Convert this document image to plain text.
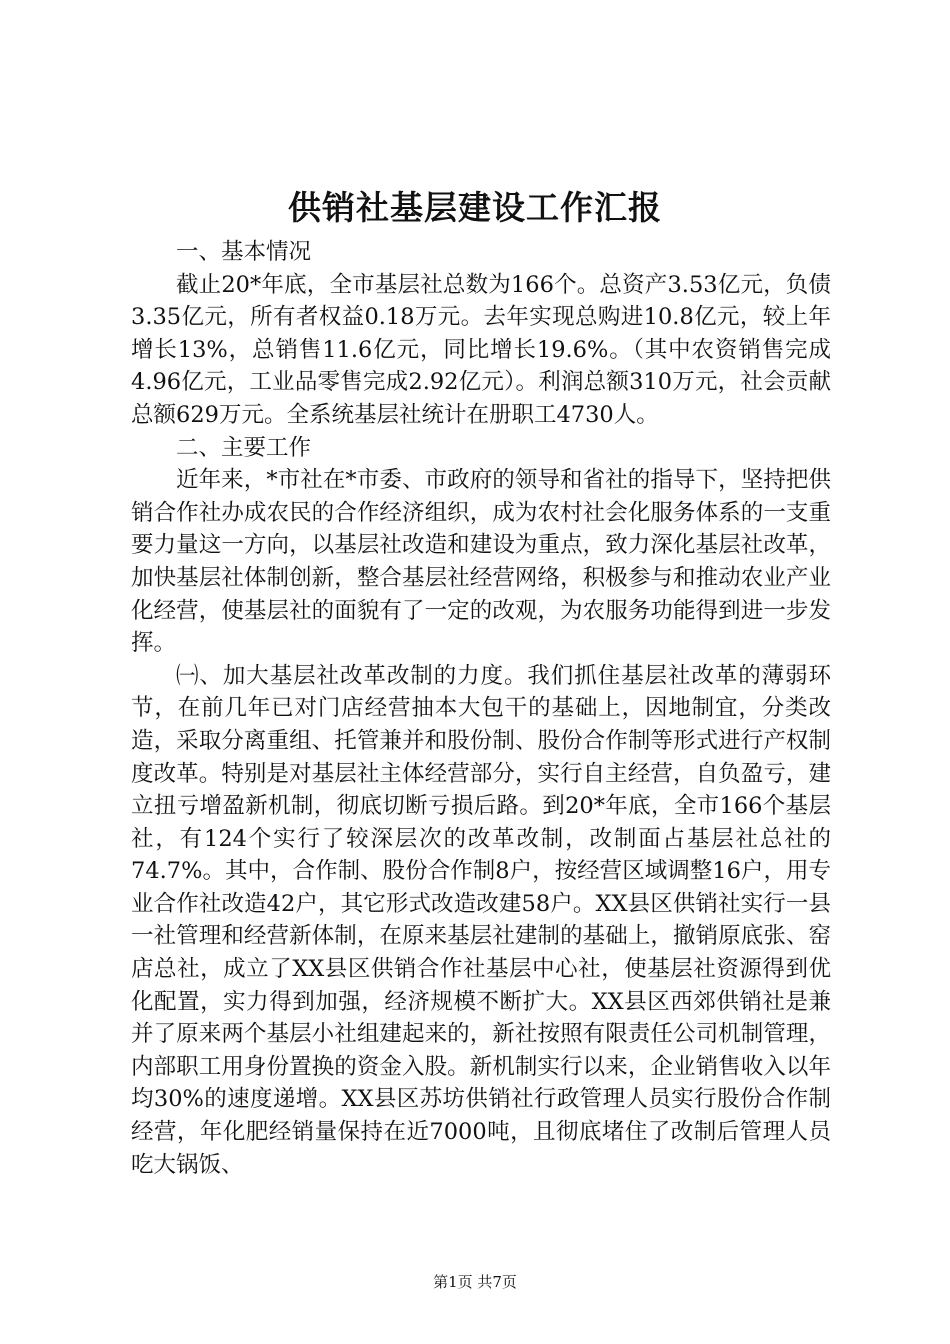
供销社基层建设工作汇报

一、基本情况

截止20*年底，全市基层社总数为166个。总资产3.53亿元，负债3.35亿元，所有者权益0.18万元。去年实现总购进10.8亿元，较上年增长13%，总销售11.6亿元，同比增长19.6%。（其中农资销售完成4.96亿元，工业品零售完成2.92亿元）。利润总额310万元，社会贡献总额629万元。全系统基层社统计在册职工4730人。

二、主要工作

近年来，*市社在*市委、市政府的领导和省社的指导下，坚持把供销合作社办成农民的合作经济组织，成为农村社会化服务体系的一支重要力量这一方向，以基层社改造和建设为重点，致力深化基层社改革，加快基层社体制创新，整合基层社经营网络，积极参与和推动农业产业化经营，使基层社的面貌有了一定的改观，为农服务功能得到进一步发挥。

㈠、加大基层社改革改制的力度。我们抓住基层社改革的薄弱环节，在前几年已对门店经营抽本大包干的基础上，因地制宜，分类改造，采取分离重组、托管兼并和股份制、股份合作制等形式进行产权制度改革。特别是对基层社主体经营部分，实行自主经营，自负盈亏，建立扭亏增盈新机制，彻底切断亏损后路。到20*年底，全市166个基层社，有124个实行了较深层次的改革改制，改制面占基层社总社的74.7%。其中，合作制、股份合作制8户，按经营区域调整16户，用专业合作社改造42户，其它形式改造改建58户。XX县区供销社实行一县一社管理和经营新体制，在原来基层社建制的基础上，撤销原底张、窑店总社，成立了XX县区供销合作社基层中心社，使基层社资源得到优化配置，实力得到加强，经济规模不断扩大。XX县区西郊供销社是兼并了原来两个基层小社组建起来的，新社按照有限责任公司机制管理，内部职工用身份置换的资金入股。新机制实行以来，企业销售收入以年均30%的速度递增。XX县区苏坊供销社行政管理人员实行股份合作制经营，年化肥经销量保持在近7000吨，且彻底堵住了改制后管理人员吃大锅饭、

第1页 共7页
